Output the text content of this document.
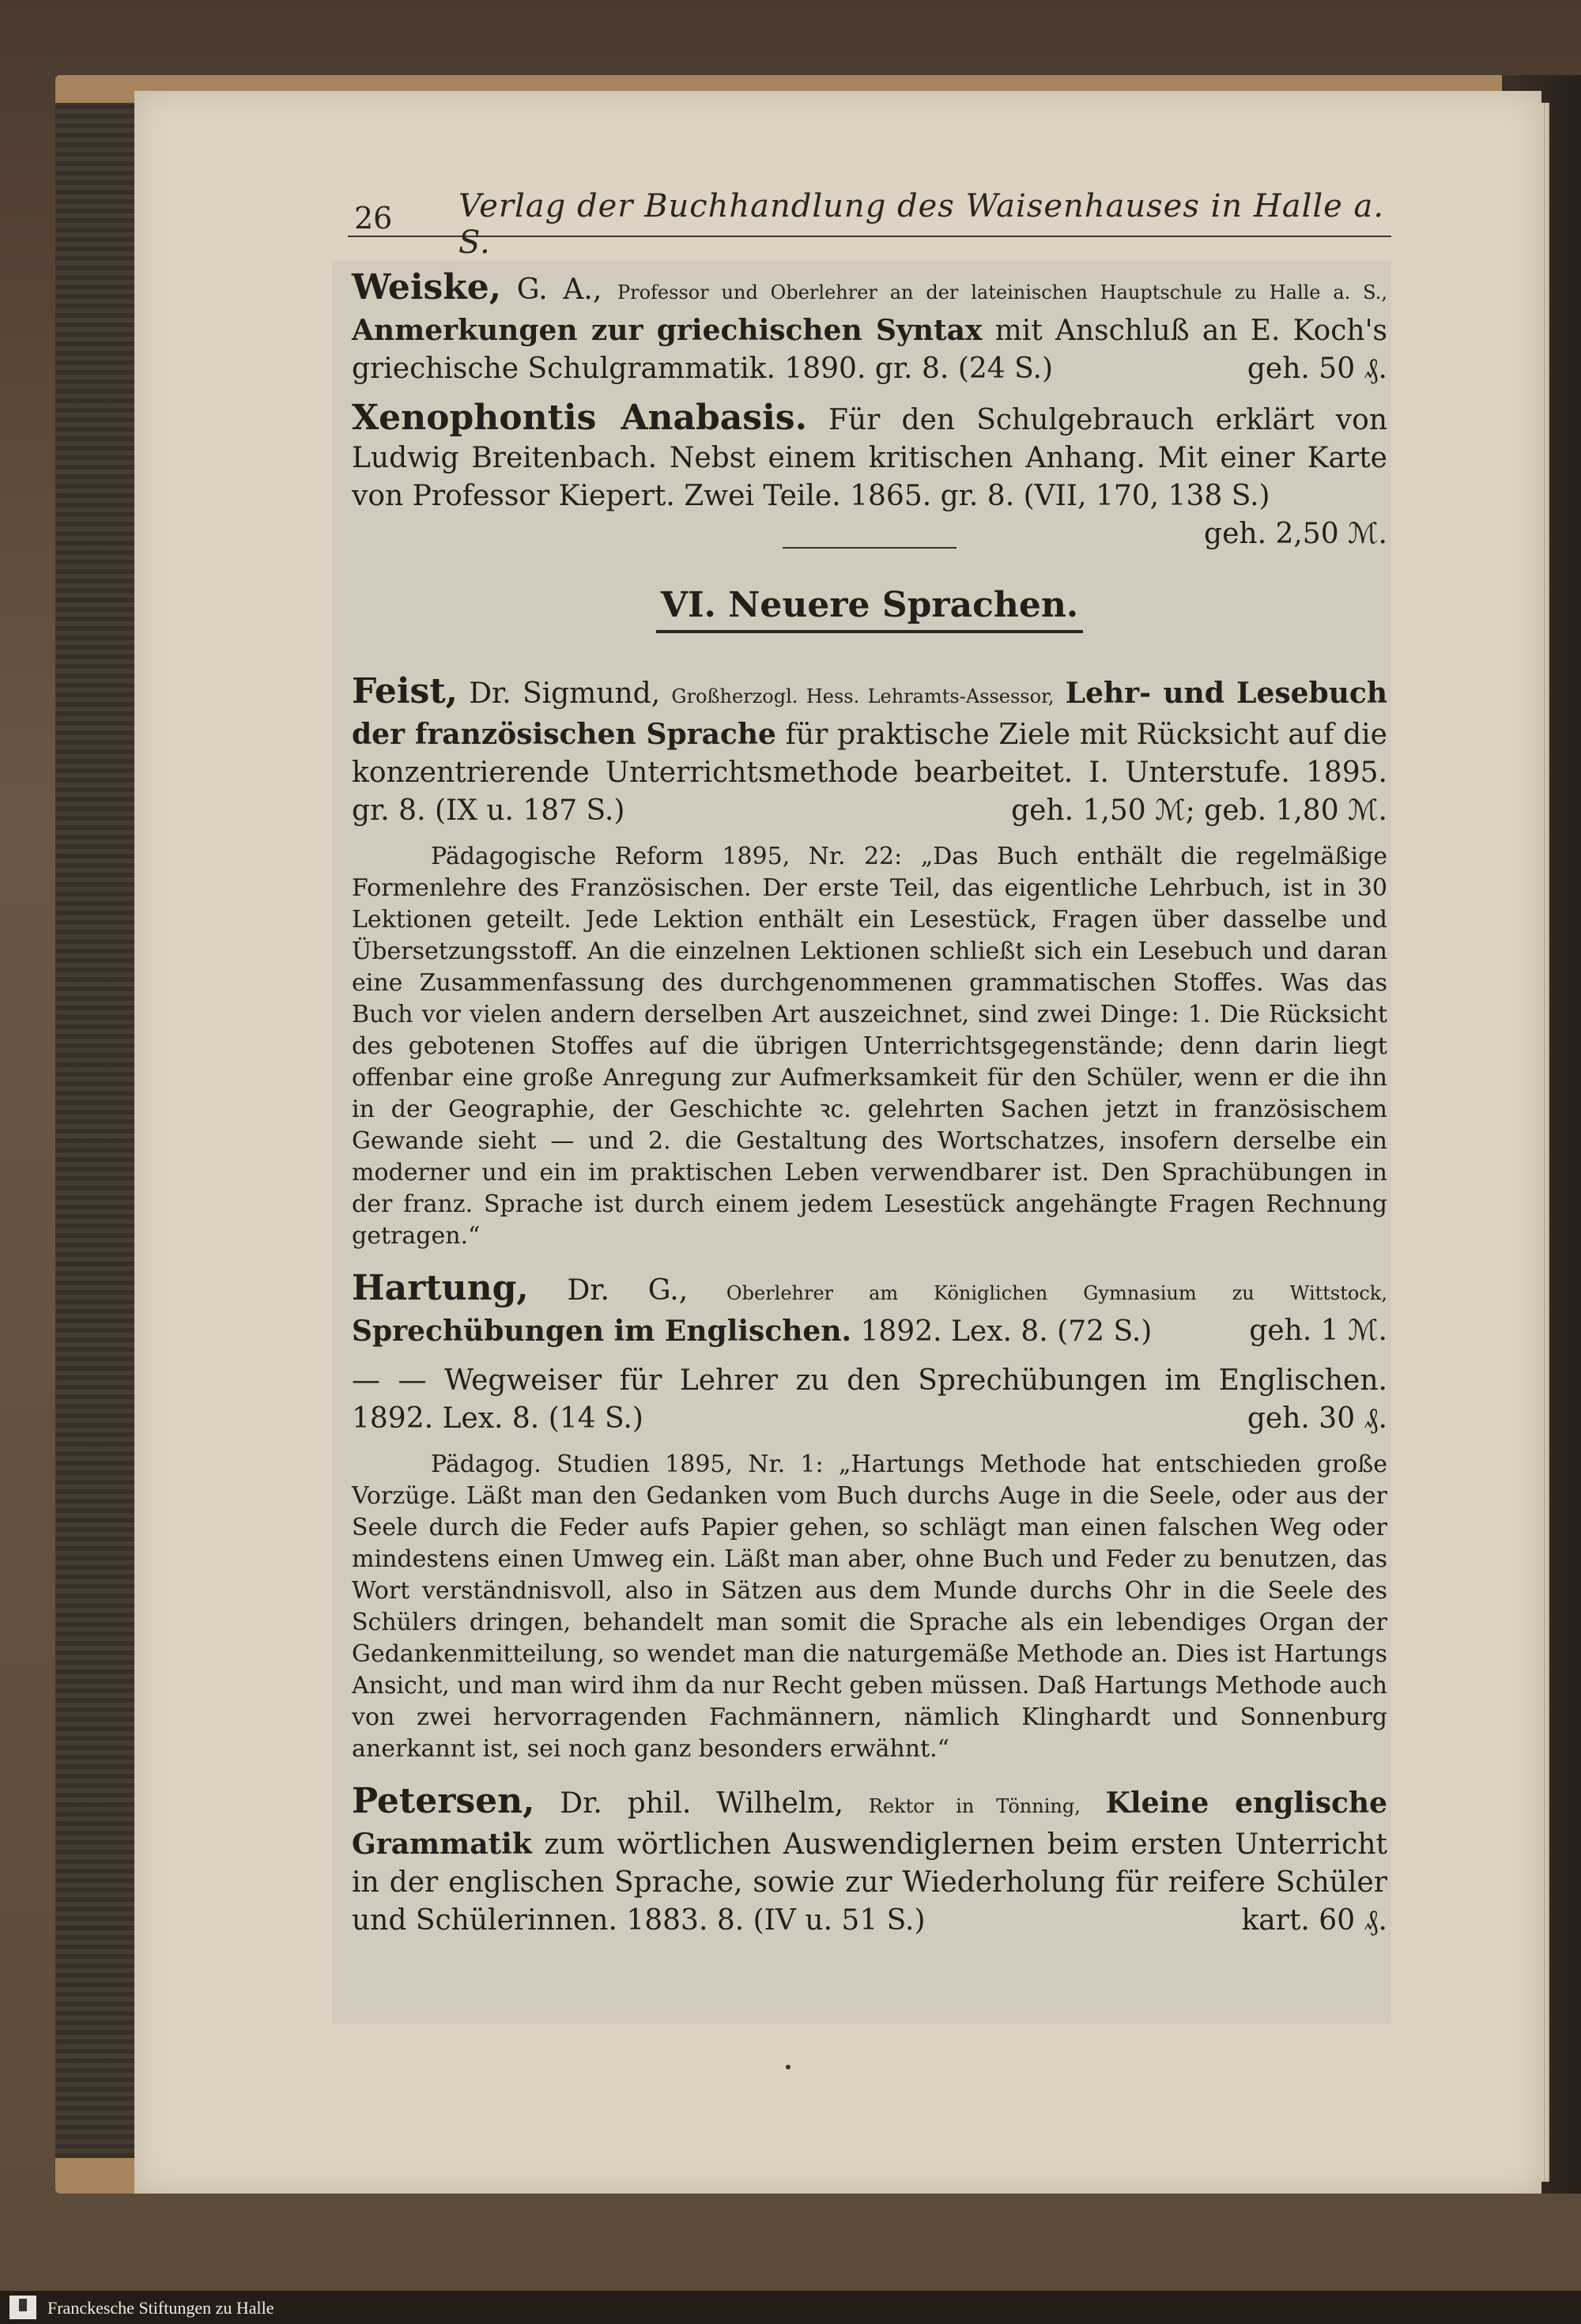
26 Verlag der Buchhandlung des Waisenhauses in Halle a. S.
Weiske, G. A., Professor und Oberlehrer an der lateinischen Hauptschule zu Halle a. S., Anmerkungen zur griechischen Syntax mit Anschluß an E. Koch's griechische Schulgrammatik. 1890. gr. 8. (24 S.)	geh. 50 ₰.
Xenophontis Anabasis. Für den Schulgebrauch erklärt von Ludwig Breitenbach. Nebst einem kritischen Anhang. Mit einer Karte von Professor Kiepert. Zwei Teile. 1865. gr. 8. (VII, 170, 138 S.)
geh. 2,50 ℳ.
VI. Neuere Sprachen.
Feist, Dr. Sigmund, Großherzogl. Hess. Lehramts-Assessor, Lehr- und Lesebuch der französischen Sprache für praktische Ziele mit Rücksicht auf die konzentrierende Unterrichtsmethode bearbeitet. I. Unterstufe. 1895. gr. 8. (IX u. 187 S.)	geh. 1,50 ℳ; geb. 1,80 ℳ.
Pädagogische Reform 1895, Nr. 22: „Das Buch enthält die regelmäßige Formenlehre des Französischen. Der erste Teil, das eigentliche Lehrbuch, ist in 30 Lektionen geteilt. Jede Lektion enthält ein Lesestück, Fragen über dasselbe und Übersetzungsstoff. An die einzelnen Lektionen schließt sich ein Lesebuch und daran eine Zusammenfassung des durchgenommenen grammatischen Stoffes. Was das Buch vor vielen andern derselben Art auszeichnet, sind zwei Dinge: 1. Die Rücksicht des gebotenen Stoffes auf die übrigen Unterrichtsgegenstände; denn darin liegt offenbar eine große Anregung zur Aufmerksamkeit für den Schüler, wenn er die ihn in der Geographie, der Geschichte ꝛc. gelehrten Sachen jetzt in französischem Gewande sieht — und 2. die Gestaltung des Wortschatzes, insofern derselbe ein moderner und ein im praktischen Leben verwendbarer ist. Den Sprachübungen in der franz. Sprache ist durch einem jedem Lesestück angehängte Fragen Rechnung getragen.“
Hartung, Dr. G., Oberlehrer am Königlichen Gymnasium zu Wittstock, Sprechübungen im Englischen. 1892. Lex. 8. (72 S.)	geh. 1 ℳ.
— — Wegweiser für Lehrer zu den Sprechübungen im Englischen. 1892. Lex. 8. (14 S.)	geh. 30 ₰.
Pädagog. Studien 1895, Nr. 1: „Hartungs Methode hat entschieden große Vorzüge. Läßt man den Gedanken vom Buch durchs Auge in die Seele, oder aus der Seele durch die Feder aufs Papier gehen, so schlägt man einen falschen Weg oder mindestens einen Umweg ein. Läßt man aber, ohne Buch und Feder zu benutzen, das Wort verständnisvoll, also in Sätzen aus dem Munde durchs Ohr in die Seele des Schülers dringen, behandelt man somit die Sprache als ein lebendiges Organ der Gedankenmitteilung, so wendet man die naturgemäße Methode an. Dies ist Hartungs Ansicht, und man wird ihm da nur Recht geben müssen. Daß Hartungs Methode auch von zwei hervorragenden Fachmännern, nämlich Klinghardt und Sonnenburg anerkannt ist, sei noch ganz besonders erwähnt.“
Petersen, Dr. phil. Wilhelm, Rektor in Tönning, Kleine englische Grammatik zum wörtlichen Auswendiglernen beim ersten Unterricht in der englischen Sprache, sowie zur Wiederholung für reifere Schüler und Schülerinnen. 1883. 8. (IV u. 51 S.)	kart. 60 ₰.
Franckesche Stiftungen zu Halle
